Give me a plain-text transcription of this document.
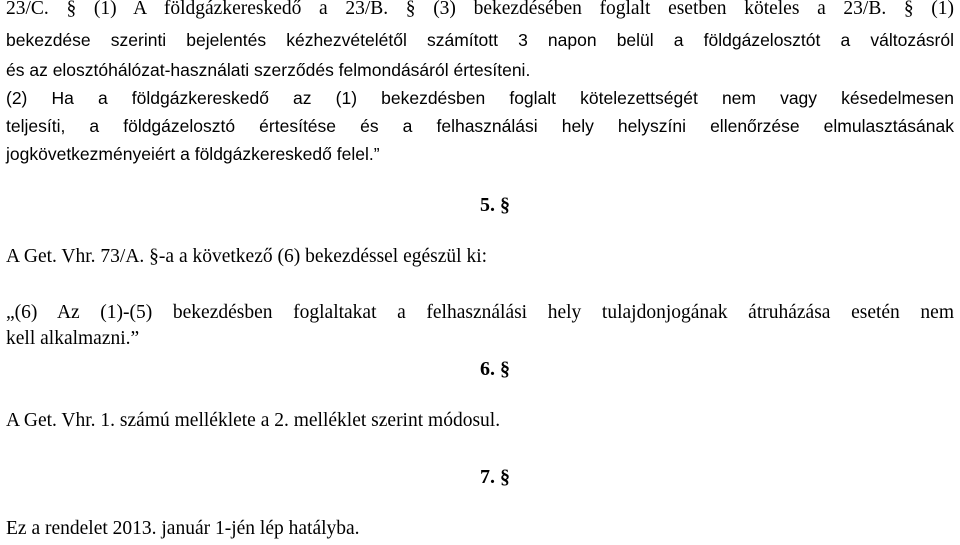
23/C. § (1) A földgázkereskedő a 23/B. § (3) bekezdésében foglalt esetben köteles a 23/B. § (1)
bekezdése szerinti bejelentés kézhezvételétől számított 3 napon belül a földgázelosztót a változásról
és az elosztóhálózat-használati szerződés felmondásáról értesíteni.
(2) Ha a földgázkereskedő az (1) bekezdésben foglalt kötelezettségét nem vagy késedelmesen
teljesíti, a földgázelosztó értesítése és a felhasználási hely helyszíni ellenőrzése elmulasztásának
jogkövetkezményeiért a földgázkereskedő felel.”
5. §
A Get. Vhr. 73/A. §-a a következő (6) bekezdéssel egészül ki:
„(6) Az (1)-(5) bekezdésben foglaltakat a felhasználási hely tulajdonjogának átruházása esetén nem
kell alkalmazni.”
6. §
A Get. Vhr. 1. számú melléklete a 2. melléklet szerint módosul.
7. §
Ez a rendelet 2013. január 1-jén lép hatályba.
